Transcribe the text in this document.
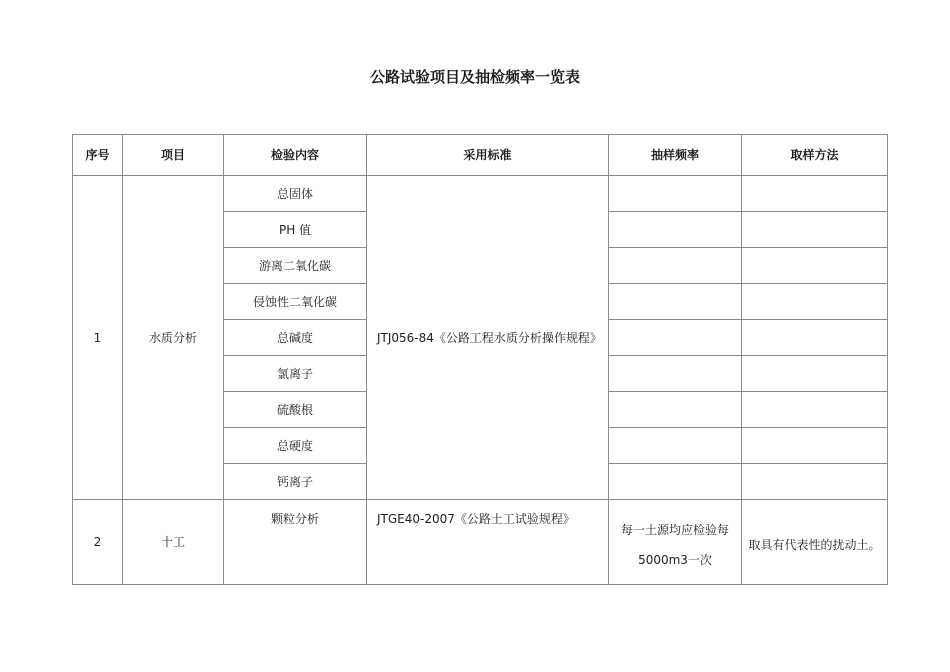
公路试验项目及抽检频率一览表
序号	项目	检验内容	采用标准	抽样频率	取样方法
1	水质分析	总固体	JTJ056-84《公路工程水质分析操作规程》		
		PH 值			
		游离二氧化碳			
		侵蚀性二氧化碳			
		总碱度			
		氯离子			
		硫酸根			
		总硬度			
		钙离子			
2	十工	颗粒分析	JTGE40-2007《公路土工试验规程》	每一土源均应检验每 5000m3一次	取具有代表性的扰动土。
